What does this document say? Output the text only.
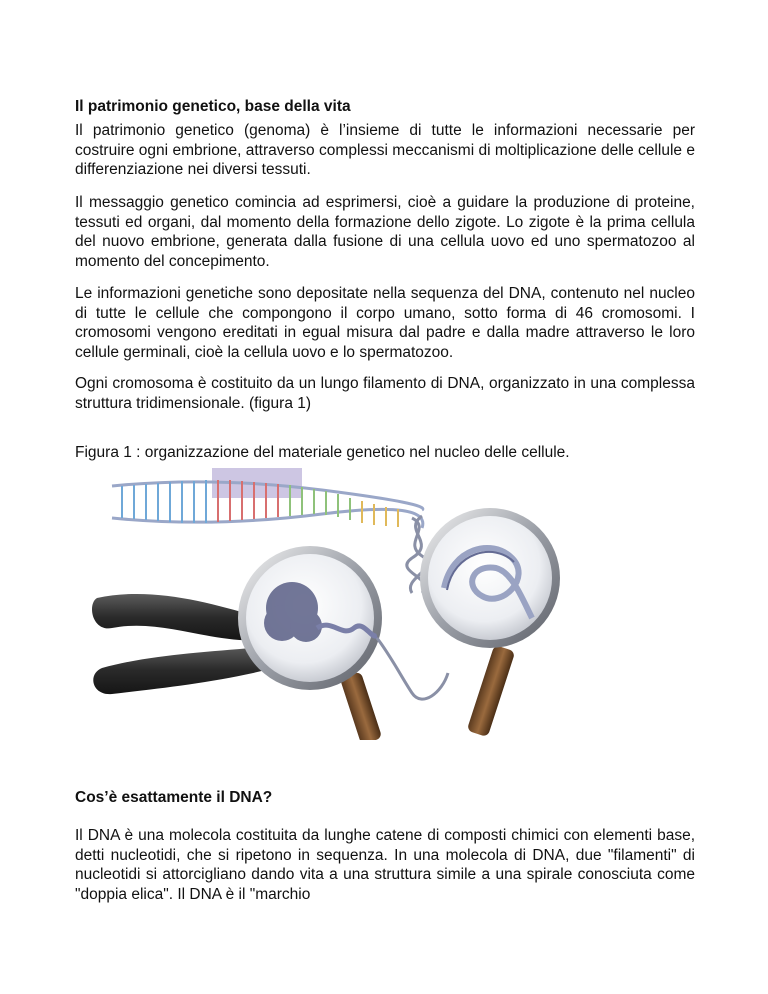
Il patrimonio genetico, base della vita

Il patrimonio genetico (genoma) è l’insieme di tutte le informazioni necessarie per costruire ogni embrione, attraverso complessi meccanismi di moltiplicazione delle cellule e differenziazione nei diversi tessuti.

Il messaggio genetico comincia ad esprimersi, cioè a guidare la produzione di proteine, tessuti ed organi, dal momento della formazione dello zigote. Lo zigote è la prima cellula del nuovo embrione, generata dalla fusione di una cellula uovo ed uno spermatozoo al momento del concepimento.

Le informazioni genetiche sono depositate nella sequenza del DNA, contenuto nel nucleo di tutte le cellule che compongono il corpo umano, sotto forma di 46 cromosomi. I cromosomi vengono ereditati in egual misura dal padre e dalla madre attraverso le loro cellule germinali, cioè la cellula uovo e lo spermatozoo.

Ogni cromosoma è costituito da un lungo filamento di DNA, organizzato in una complessa struttura tridimensionale. (figura 1)

Figura 1 : organizzazione del materiale genetico nel nucleo delle cellule.

Cos’è esattamente il DNA?

Il DNA è una molecola costituita da lunghe catene di composti chimici con elementi base, detti nucleotidi, che si ripetono in sequenza. In una molecola di DNA, due "filamenti" di nucleotidi si attorcigliano dando vita a una struttura simile a una spirale conosciuta come "doppia elica". Il DNA è il "marchio
